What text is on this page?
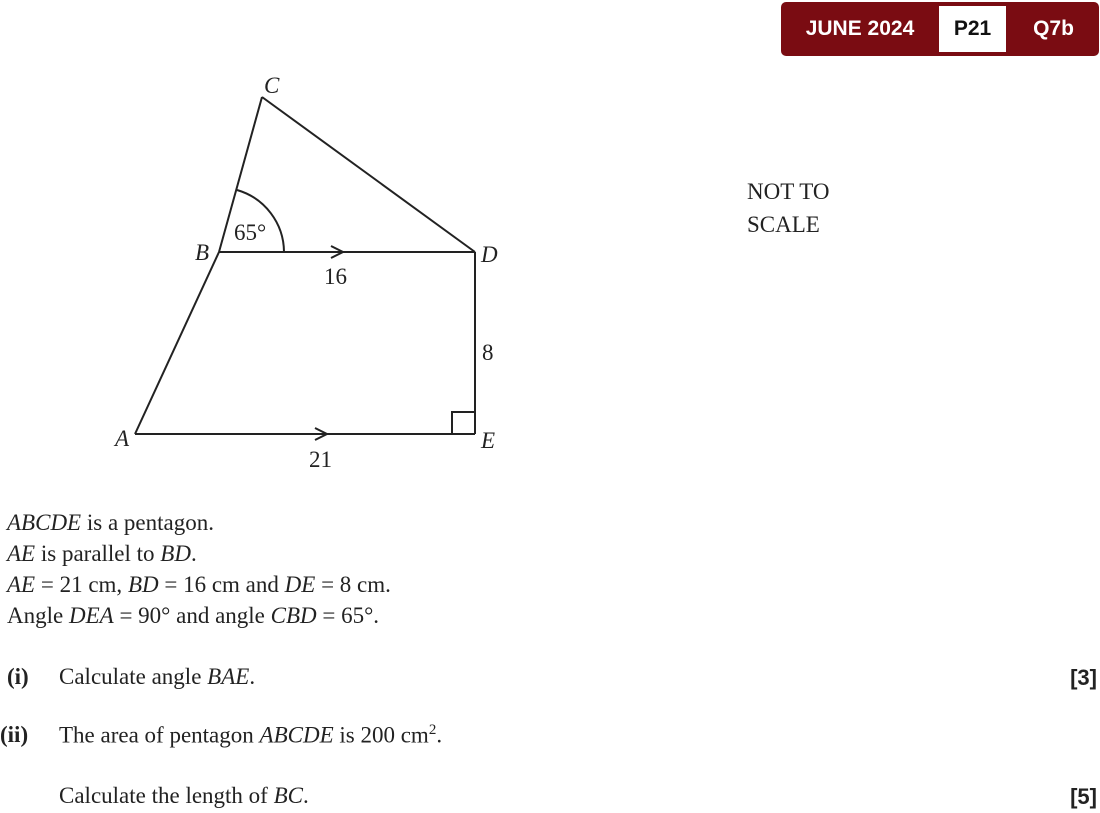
JUNE 2024	P21	Q7b
C
B	D
A	E
65°
16
8
21
NOT TO
SCALE
ABCDE is a pentagon.
AE is parallel to BD.
AE = 21 cm, BD = 16 cm and DE = 8 cm.
Angle DEA = 90° and angle CBD = 65°.
(i) Calculate angle BAE.	[3]
(ii) The area of pentagon ABCDE is 200 $cm^2$.
Calculate the length of BC.	[5]
